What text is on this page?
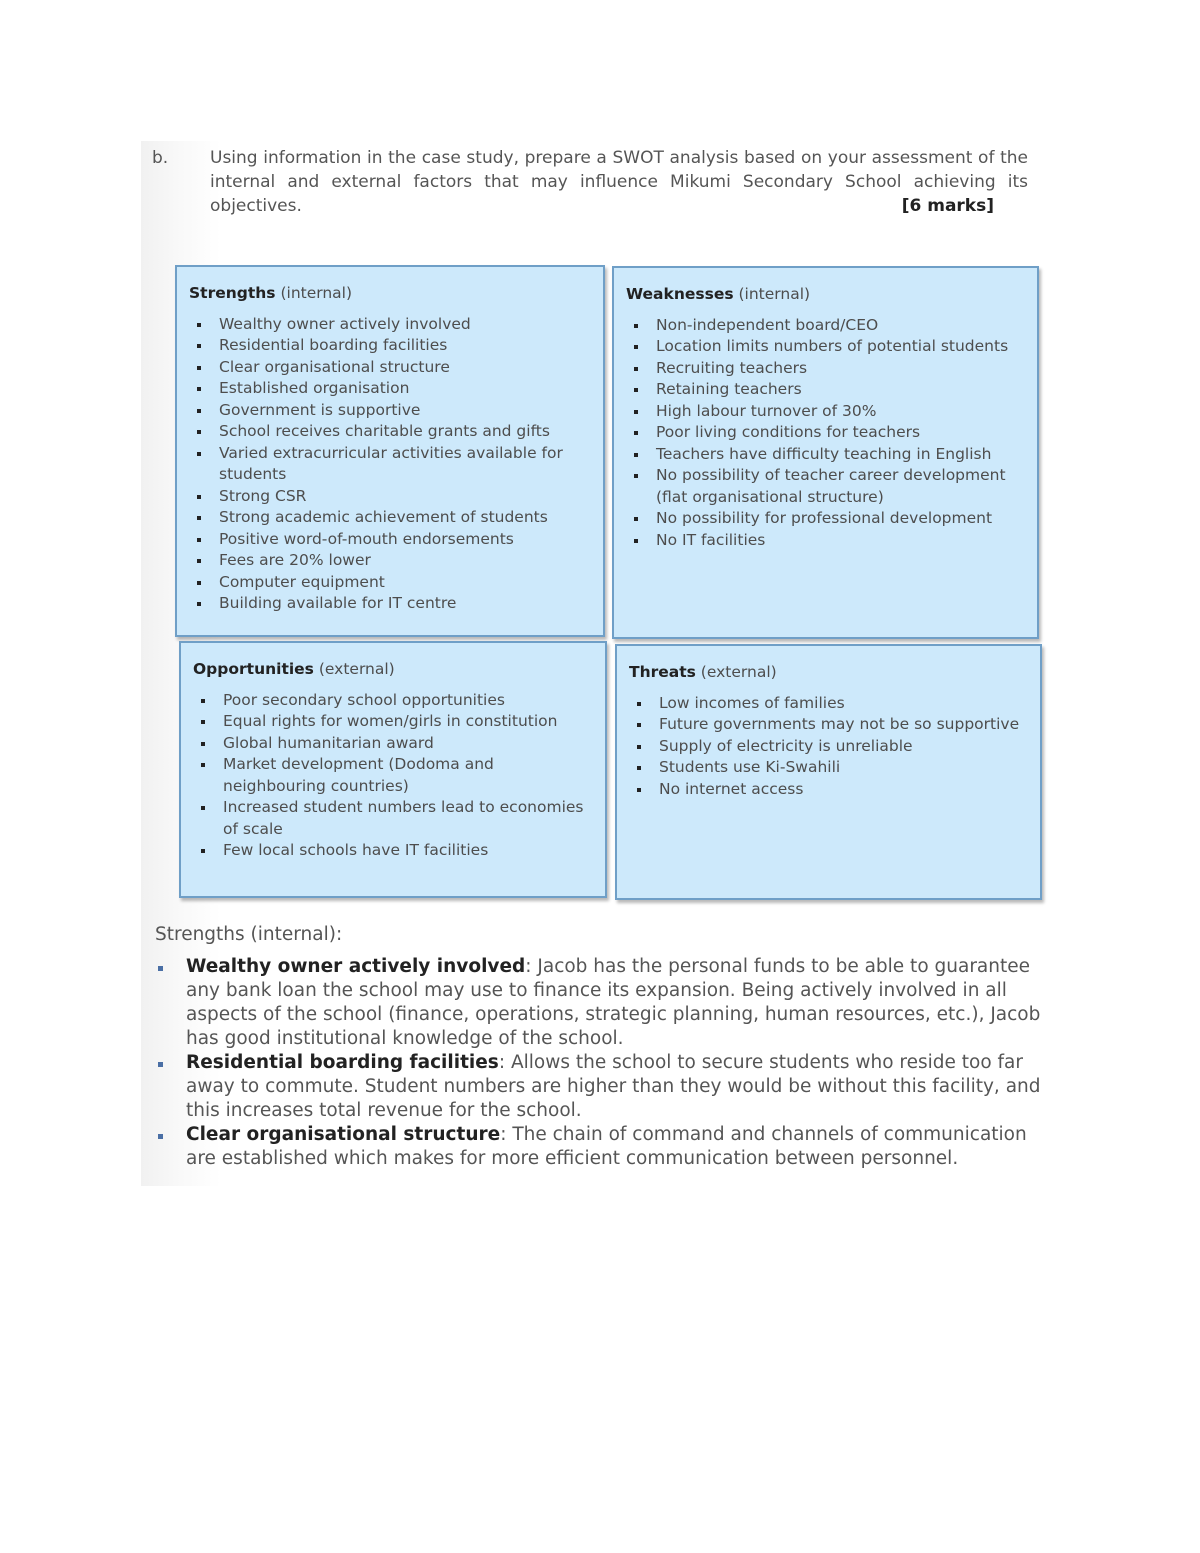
b. Using information in the case study, prepare a SWOT analysis based on your assessment of the internal and external factors that may influence Mikumi Secondary School achieving its objectives.	[6 marks]
Strengths (internal)
Wealthy owner actively involved
Residential boarding facilities
Clear organisational structure
Established organisation
Government is supportive
School receives charitable grants and gifts
Varied extracurricular activities available for students
Strong CSR
Strong academic achievement of students
Positive word-of-mouth endorsements
Fees are 20% lower
Computer equipment
Building available for IT centre
Weaknesses (internal)
Non-independent board/CEO
Location limits numbers of potential students
Recruiting teachers
Retaining teachers
High labour turnover of 30%
Poor living conditions for teachers
Teachers have difficulty teaching in English
No possibility of teacher career development (flat organisational structure)
No possibility for professional development
No IT facilities
Opportunities (external)
Poor secondary school opportunities
Equal rights for women/girls in constitution
Global humanitarian award
Market development (Dodoma and neighbouring countries)
Increased student numbers lead to economies of scale
Few local schools have IT facilities
Threats (external)
Low incomes of families
Future governments may not be so supportive
Supply of electricity is unreliable
Students use Ki-Swahili
No internet access
Strengths (internal):
Wealthy owner actively involved: Jacob has the personal funds to be able to guarantee any bank loan the school may use to finance its expansion. Being actively involved in all aspects of the school (finance, operations, strategic planning, human resources, etc.), Jacob has good institutional knowledge of the school.
Residential boarding facilities: Allows the school to secure students who reside too far away to commute. Student numbers are higher than they would be without this facility, and this increases total revenue for the school.
Clear organisational structure: The chain of command and channels of communication are established which makes for more efficient communication between personnel.
